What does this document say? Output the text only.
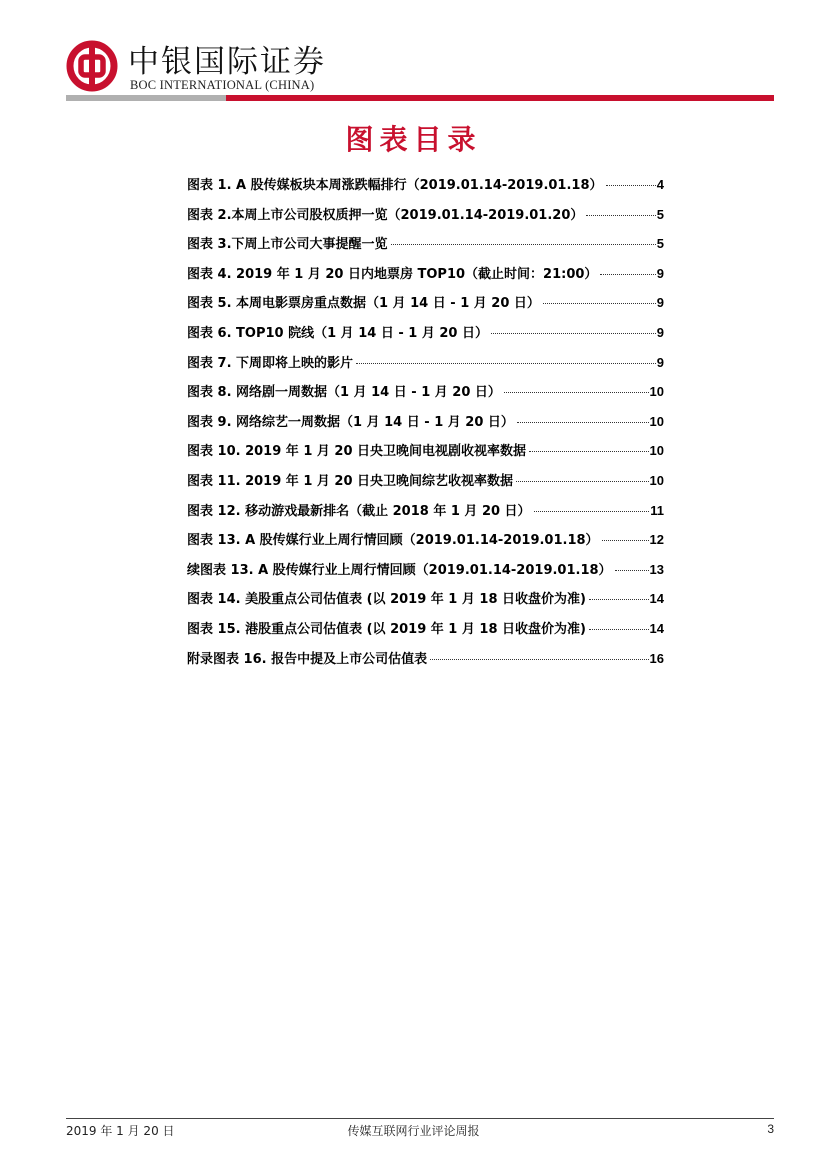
中银国际证券
BOC INTERNATIONAL (CHINA)
图表目录
图表 1. A 股传媒板块本周涨跌幅排行（2019.01.14-2019.01.18）	4
图表 2.本周上市公司股权质押一览（2019.01.14-2019.01.20）	5
图表 3.下周上市公司大事提醒一览	5
图表 4. 2019 年 1 月 20 日内地票房 TOP10（截止时间：21:00）	9
图表 5. 本周电影票房重点数据（1 月 14 日 - 1 月 20 日）	9
图表 6. TOP10 院线（1 月 14 日 - 1 月 20 日）	9
图表 7. 下周即将上映的影片	9
图表 8. 网络剧一周数据（1 月 14 日 - 1 月 20 日）	10
图表 9. 网络综艺一周数据（1 月 14 日 - 1 月 20 日）	10
图表 10. 2019 年 1 月 20 日央卫晚间电视剧收视率数据	10
图表 11. 2019 年 1 月 20 日央卫晚间综艺收视率数据	10
图表 12. 移动游戏最新排名（截止 2018 年 1 月 20 日）	11
图表 13. A 股传媒行业上周行情回顾（2019.01.14-2019.01.18）	12
续图表 13. A 股传媒行业上周行情回顾（2019.01.14-2019.01.18）	13
图表 14. 美股重点公司估值表 (以 2019 年 1 月 18 日收盘价为准)	14
图表 15. 港股重点公司估值表 (以 2019 年 1 月 18 日收盘价为准)	14
附录图表 16. 报告中提及上市公司估值表	16
2019 年 1 月 20 日	传媒互联网行业评论周报	3
